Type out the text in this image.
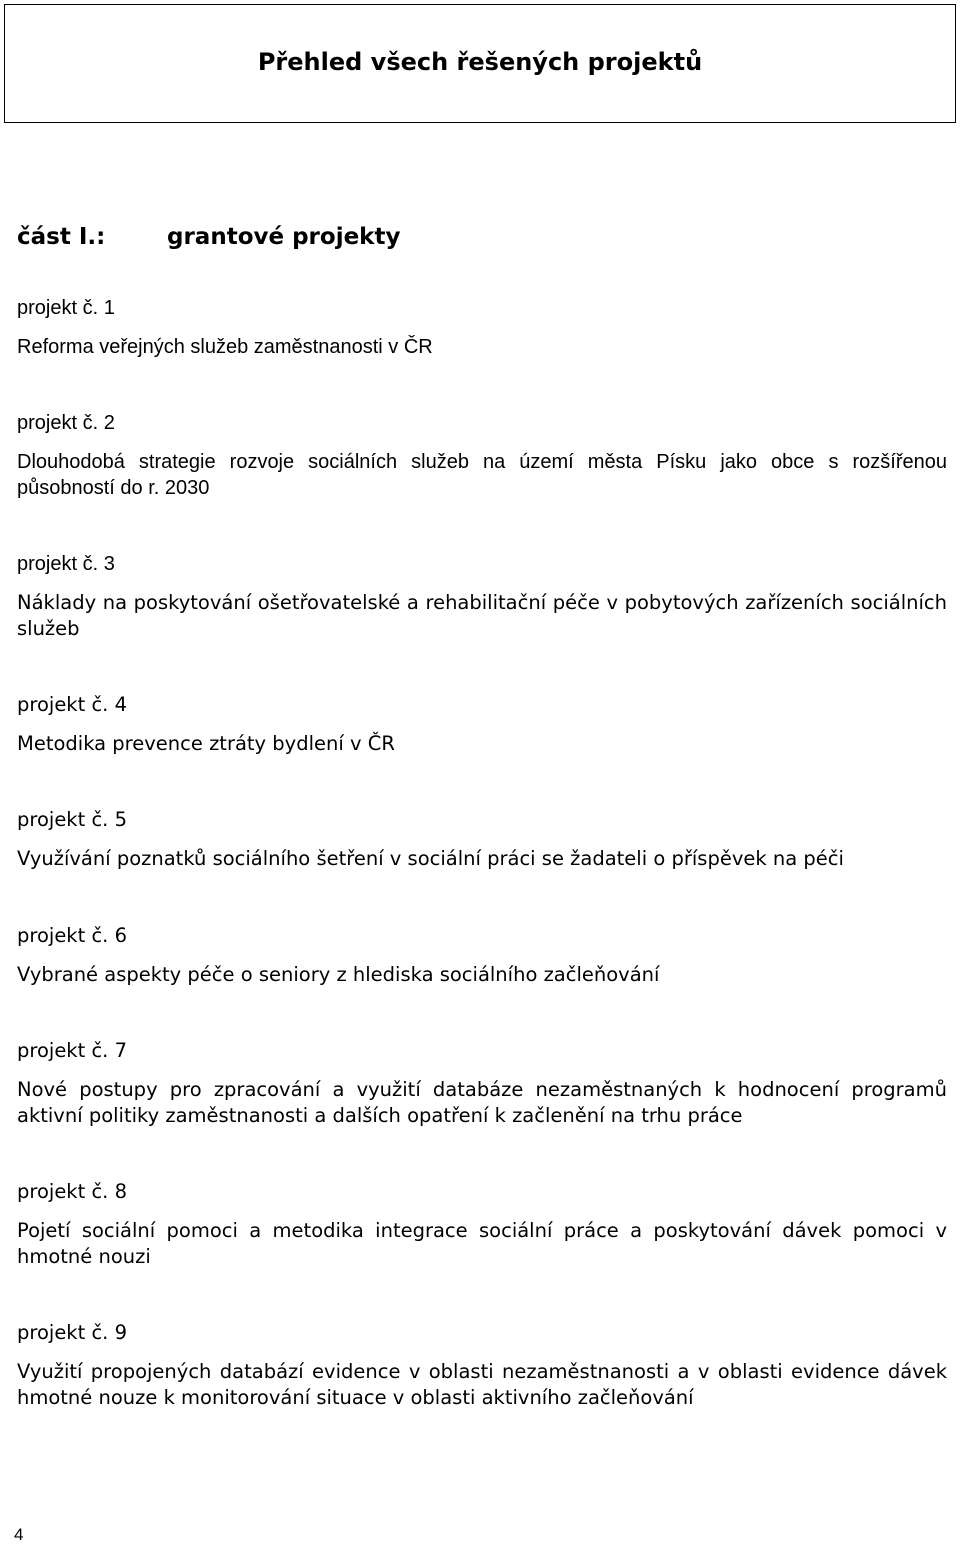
Přehled všech řešených projektů
část I.:	grantové projekty

projekt č. 1

Reforma veřejných služeb zaměstnanosti v ČR

projekt č. 2

Dlouhodobá strategie rozvoje sociálních služeb na území města Písku jako obce s rozšířenou působností do r. 2030

projekt č. 3

Náklady na poskytování ošetřovatelské a rehabilitační péče v pobytových zařízeních sociálních služeb

projekt č. 4

Metodika prevence ztráty bydlení v ČR

projekt č. 5

Využívání poznatků sociálního šetření v sociální práci se žadateli o příspěvek na péči

projekt č. 6

Vybrané aspekty péče o seniory z hlediska sociálního začleňování

projekt č. 7

Nové postupy pro zpracování a využití databáze nezaměstnaných k hodnocení programů aktivní politiky zaměstnanosti a dalších opatření k začlenění na trhu práce

projekt č. 8

Pojetí sociální pomoci a metodika integrace sociální práce a poskytování dávek pomoci v hmotné nouzi

projekt č. 9

Využití propojených databází evidence v oblasti nezaměstnanosti a v oblasti evidence dávek hmotné nouze k monitorování situace v oblasti aktivního začleňování

4
